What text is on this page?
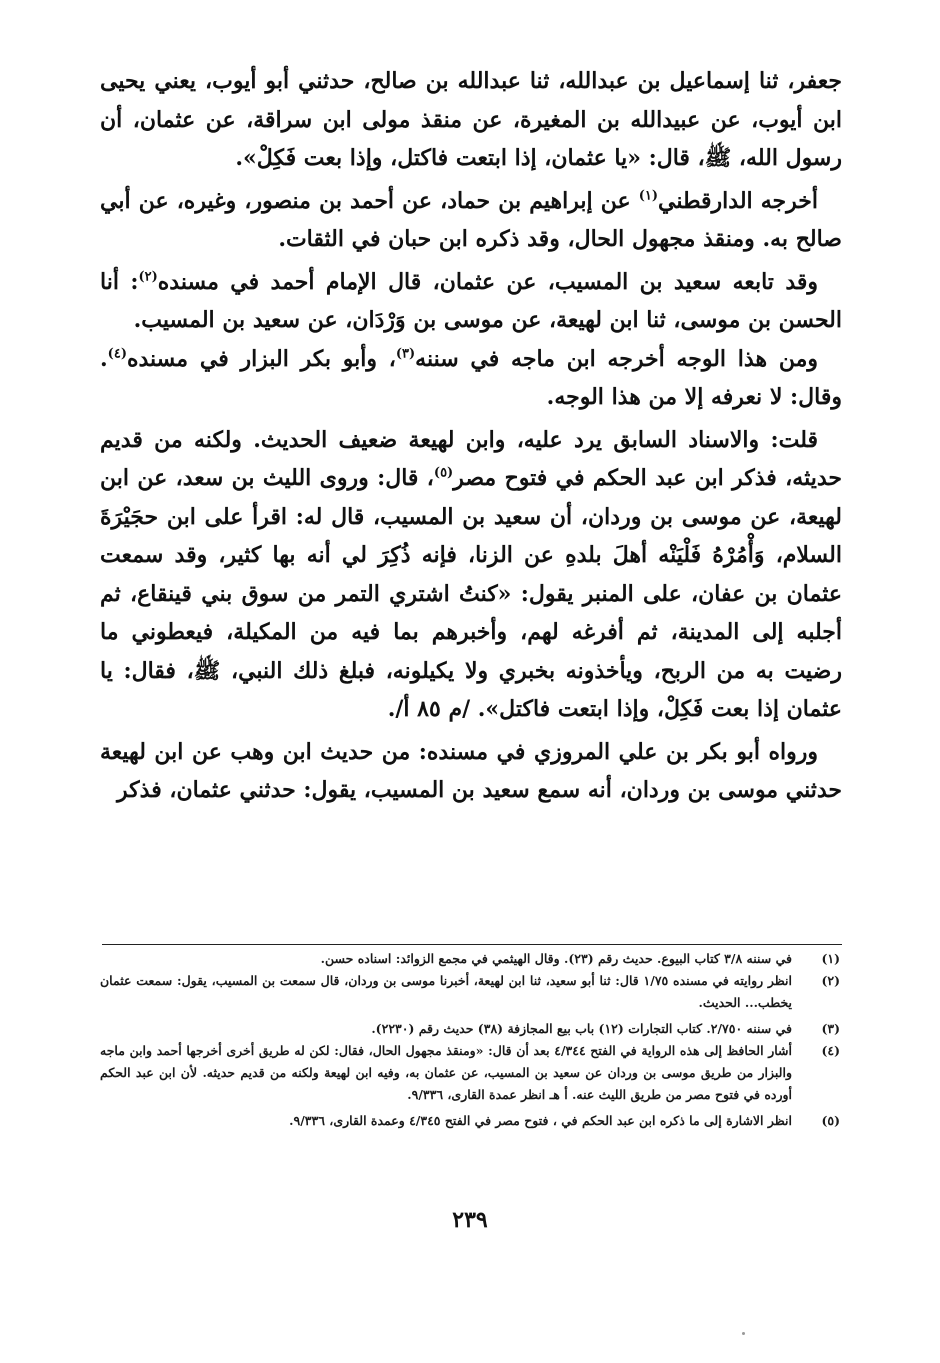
جعفر، ثنا إسماعيل بن عبدالله، ثنا عبدالله بن صالح، حدثني أبو أيوب، يعني يحيى ابن أيوب، عن عبيدالله بن المغيرة، عن منقذ مولى ابن سراقة، عن عثمان، أن رسول الله، ﷺ، قال: «يا عثمان، إذا ابتعت فاكتل، وإذا بعت فَكِلْ».

أخرجه الدارقطني$^{(١)}$ عن إبراهيم بن حماد، عن أحمد بن منصور، وغيره، عن أبي صالح به. ومنقذ مجهول الحال، وقد ذكره ابن حبان في الثقات.

وقد تابعه سعيد بن المسيب، عن عثمان، قال الإمام أحمد في مسنده$^{(٢)}$: أنا الحسن بن موسى، ثنا ابن لهيعة، عن موسى بن وَرْدَان، عن سعيد بن المسيب.

ومن هذا الوجه أخرجه ابن ماجه في سننه$^{(٣)}$، وأبو بكر البزار في مسنده$^{(٤)}$. وقال: لا نعرفه إلا من هذا الوجه.

قلت: والاسناد السابق يرد عليه، وابن لهيعة ضعيف الحديث. ولكنه من قديم حديثه، فذكر ابن عبد الحكم في فتوح مصر$^{(٥)}$، قال: وروى الليث بن سعد، عن ابن لهيعة، عن موسى بن وردان، أن سعيد بن المسيب، قال له: اقرأ على ابن حجَيْرَةَ السلام، وَأْمُرْهُ فَلْيَنْه أهلَ بلدهِ عن الزنا، فإنه ذُكِرَ لي أنه بها كثير، وقد سمعت عثمان بن عفان، على المنبر يقول: «كنتُ اشتري التمر من سوق بني قينقاع، ثم أجلبه إلى المدينة، ثم أفرغه لهم، وأخبرهم بما فيه من المكيلة، فيعطوني ما رضيت به من الربح، ويأخذونه بخبري ولا يكيلونه، فبلغ ذلك النبي، ﷺ، فقال: يا عثمان إذا بعت فَكِلْ، وإذا ابتعت فاكتل». /م ٨٥ أ/.

ورواه أبو بكر بن علي المروزي في مسنده: من حديث ابن وهب عن ابن لهيعة حدثني موسى بن وردان، أنه سمع سعيد بن المسيب، يقول: حدثني عثمان، فذكر

(١)
في سننه ٣/٨ كتاب البيوع. حديث رقم (٢٣). وقال الهيثمي في مجمع الزوائد: اسناده حسن.
(٢)
انظر روايته في مسنده ١/٧٥ قال: ثنا أبو سعيد، ثنا ابن لهيعة، أخبرنا موسى بن وردان، قال سمعت بن المسيب، يقول: سمعت عثمان يخطب... الحديث.
(٣)
في سننه ٢/٧٥٠. كتاب التجارات (١٢) باب بيع المجازفة (٣٨) حديث رقم (٢٢٣٠).
(٤)
أشار الحافظ إلى هذه الرواية في الفتح ٤/٣٤٤ بعد أن قال: «ومنقذ مجهول الحال، فقال: لكن له طريق أخرى أخرجها أحمد وابن ماجه والبزار من طريق موسى بن وردان عن سعيد بن المسيب، عن عثمان به، وفيه ابن لهيعة ولكنه من قديم حديثه. لأن ابن عبد الحكم أورده في فتوح مصر من طريق الليث عنه. أ هـ انظر عمدة القارى، ٩/٣٣٦.
(٥)
انظر الاشارة إلى ما ذكره ابن عبد الحكم في ، فتوح مصر في الفتح ٤/٣٤٥ وعمدة القارى، ٩/٣٣٦.
٢٣٩
